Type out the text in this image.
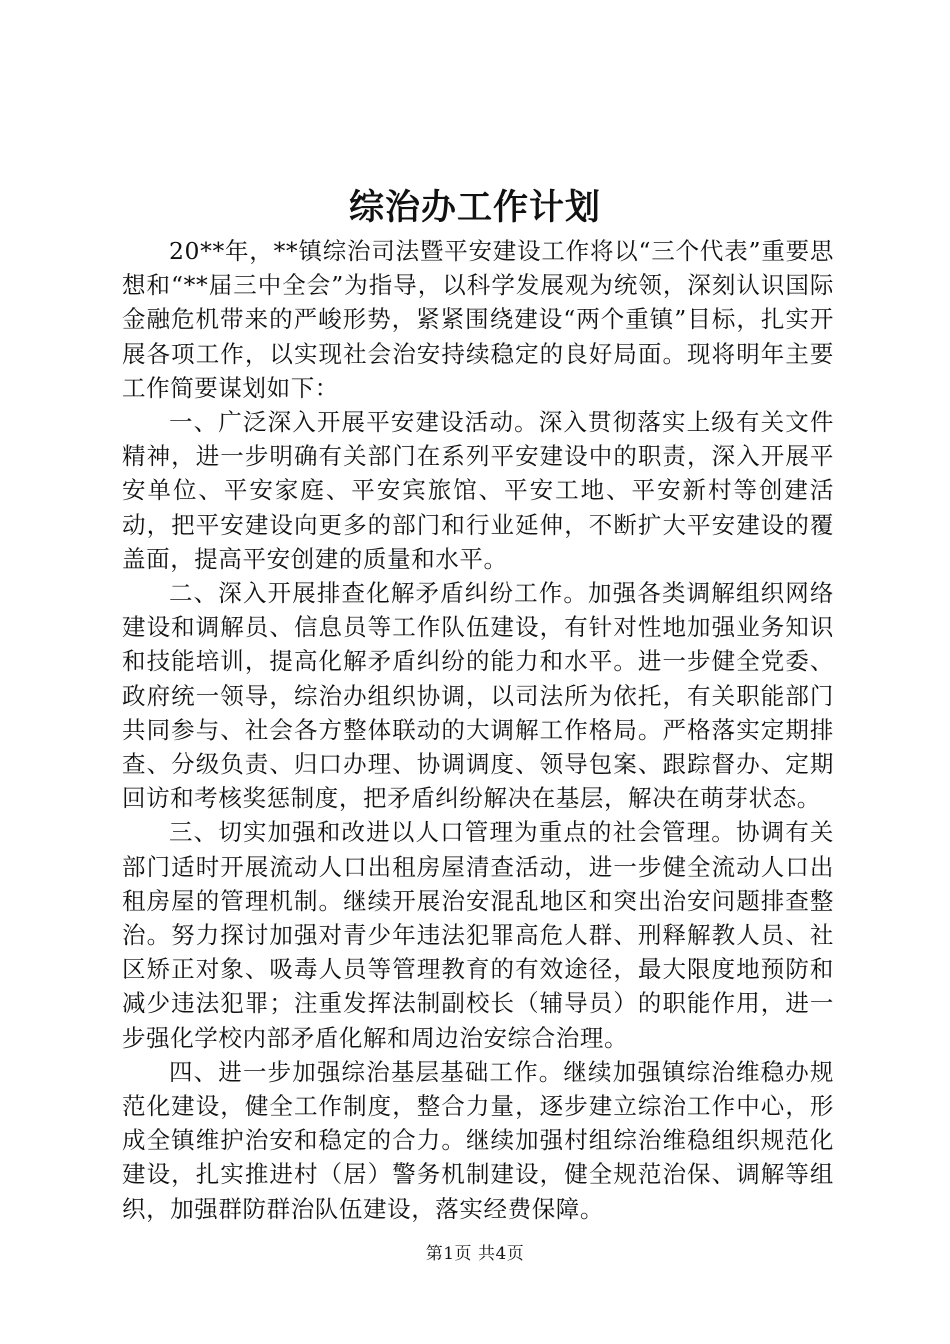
综治办工作计划

20**年，**镇综治司法暨平安建设工作将以“三个代表”重要思想和“**届三中全会”为指导，以科学发展观为统领，深刻认识国际金融危机带来的严峻形势，紧紧围绕建设“两个重镇”目标，扎实开展各项工作，以实现社会治安持续稳定的良好局面。现将明年主要工作简要谋划如下：

一、广泛深入开展平安建设活动。深入贯彻落实上级有关文件精神，进一步明确有关部门在系列平安建设中的职责，深入开展平安单位、平安家庭、平安宾旅馆、平安工地、平安新村等创建活动，把平安建设向更多的部门和行业延伸，不断扩大平安建设的覆盖面，提高平安创建的质量和水平。

二、深入开展排查化解矛盾纠纷工作。加强各类调解组织网络建设和调解员、信息员等工作队伍建设，有针对性地加强业务知识和技能培训，提高化解矛盾纠纷的能力和水平。进一步健全党委、政府统一领导，综治办组织协调，以司法所为依托，有关职能部门共同参与、社会各方整体联动的大调解工作格局。严格落实定期排查、分级负责、归口办理、协调调度、领导包案、跟踪督办、定期回访和考核奖惩制度，把矛盾纠纷解决在基层，解决在萌芽状态。

三、切实加强和改进以人口管理为重点的社会管理。协调有关部门适时开展流动人口出租房屋清查活动，进一步健全流动人口出租房屋的管理机制。继续开展治安混乱地区和突出治安问题排查整治。努力探讨加强对青少年违法犯罪高危人群、刑释解教人员、社区矫正对象、吸毒人员等管理教育的有效途径，最大限度地预防和减少违法犯罪；注重发挥法制副校长（辅导员）的职能作用，进一步强化学校内部矛盾化解和周边治安综合治理。

四、进一步加强综治基层基础工作。继续加强镇综治维稳办规范化建设，健全工作制度，整合力量，逐步建立综治工作中心，形成全镇维护治安和稳定的合力。继续加强村组综治维稳组织规范化建设，扎实推进村（居）警务机制建设，健全规范治保、调解等组织，加强群防群治队伍建设，落实经费保障。

第1页 共4页
